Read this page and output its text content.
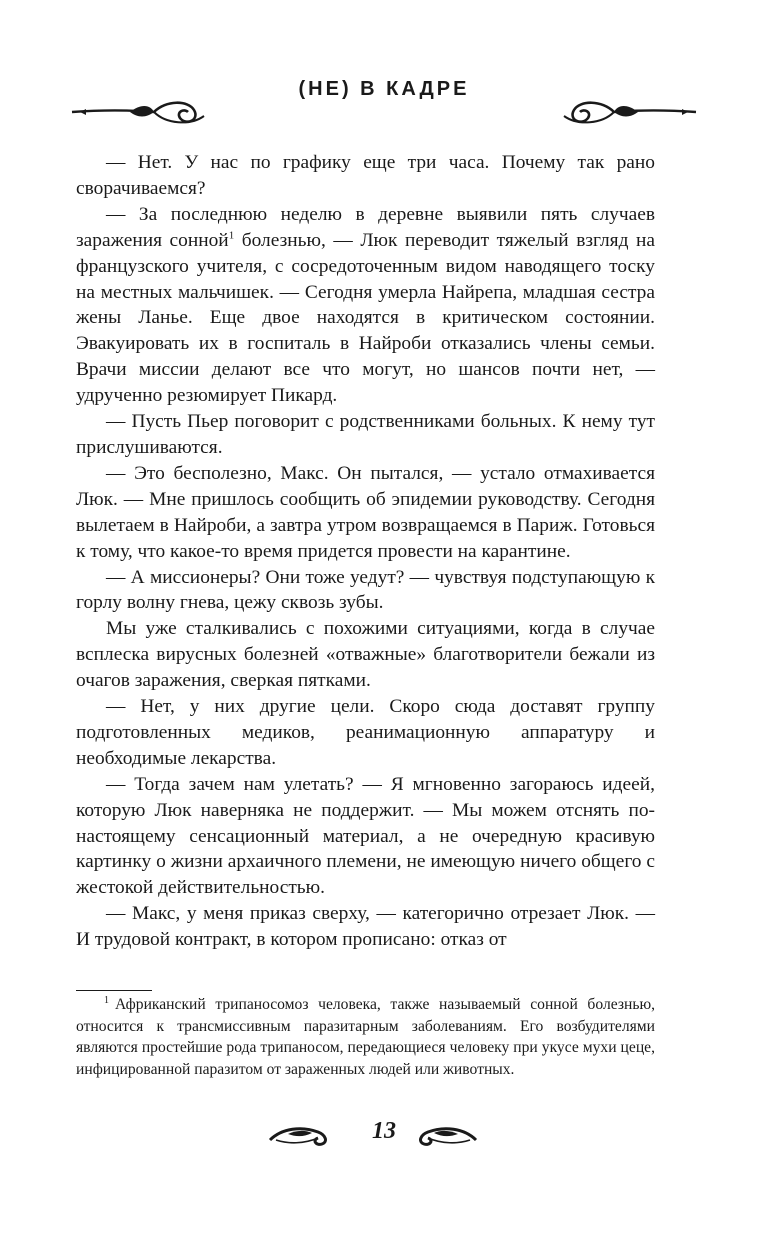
(НЕ) В КАДРЕ

— Нет. У нас по графику еще три часа. Почему так рано сворачиваемся?

— За последнюю неделю в деревне выявили пять случаев заражения сонной$^1$ болезнью, — Люк переводит тяжелый взгляд на французского учителя, с сосредоточенным видом наводящего тоску на местных мальчишек. — Сегодня умерла Найрепа, младшая сестра жены Ланье. Еще двое находятся в критическом состоянии. Эвакуировать их в госпиталь в Найроби отказались члены семьи. Врачи миссии делают все что могут, но шансов почти нет, — удрученно резюмирует Пикард.

— Пусть Пьер поговорит с родственниками больных. К нему тут прислушиваются.

— Это бесполезно, Макс. Он пытался, — устало отмахивается Люк. — Мне пришлось сообщить об эпидемии руководству. Сегодня вылетаем в Найроби, а завтра утром возвращаемся в Париж. Готовься к тому, что какое-то время придется провести на карантине.

— А миссионеры? Они тоже уедут? — чувствуя подступающую к горлу волну гнева, цежу сквозь зубы.

Мы уже сталкивались с похожими ситуациями, когда в случае всплеска вирусных болезней «отважные» благотворители бежали из очагов заражения, сверкая пятками.

— Нет, у них другие цели. Скоро сюда доставят группу подготовленных медиков, реанимационную аппаратуру и необходимые лекарства.

— Тогда зачем нам улетать? — Я мгновенно загораюсь идеей, которую Люк наверняка не поддержит. — Мы можем отснять по-настоящему сенсационный материал, а не очередную красивую картинку о жизни архаичного племени, не имеющую ничего общего с жестокой действительностью.

— Макс, у меня приказ сверху, — категорично отрезает Люк. — И трудовой контракт, в котором прописано: отказ от

$^1$ Африканский трипаносомоз человека, также называемый сонной болезнью, относится к трансмиссивным паразитарным заболеваниям. Его возбудителями являются простейшие рода трипаносом, передающиеся человеку при укусе мухи цеце, инфицированной паразитом от зараженных людей или животных.

13
